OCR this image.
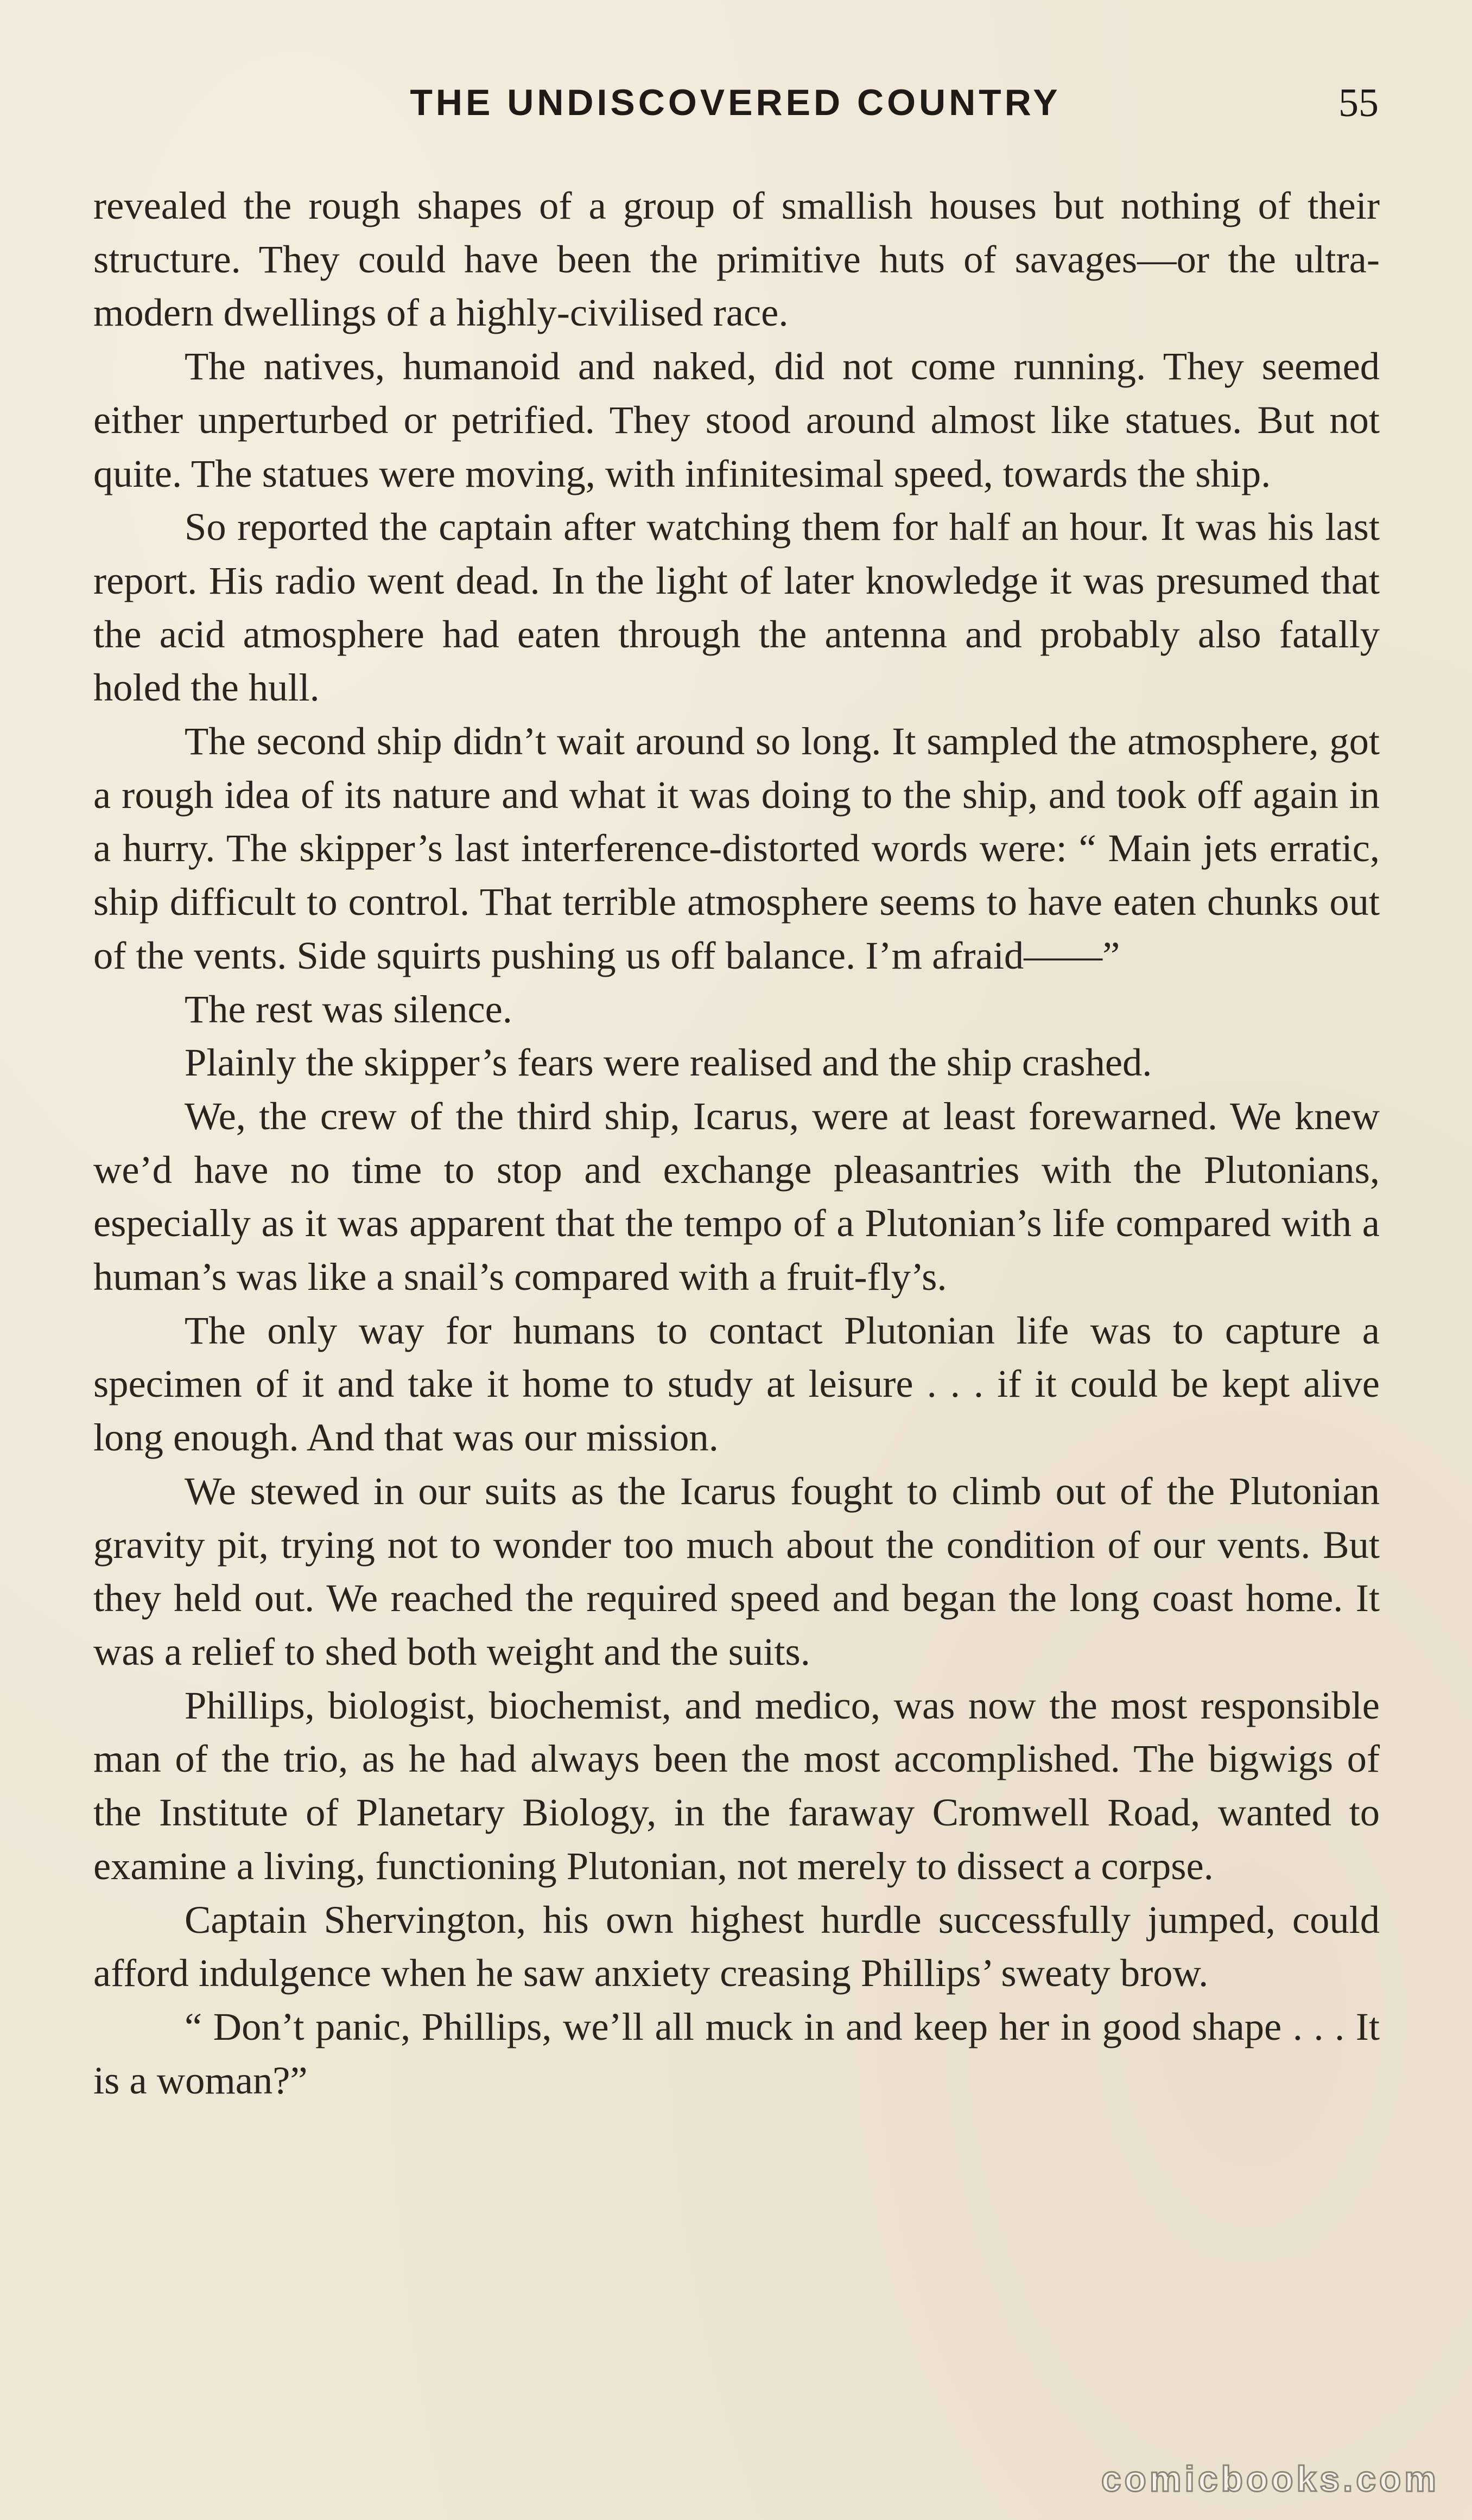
THE UNDISCOVERED COUNTRY	55

revealed the rough shapes of a group of smallish houses but nothing of their structure. They could have been the primitive huts of savages—or the ultra-modern dwellings of a highly-civilised race.

The natives, humanoid and naked, did not come running. They seemed either unperturbed or petrified. They stood around almost like statues. But not quite. The statues were moving, with infinitesimal speed, towards the ship.

So reported the captain after watching them for half an hour. It was his last report. His radio went dead. In the light of later knowledge it was presumed that the acid atmosphere had eaten through the antenna and probably also fatally holed the hull.

The second ship didn’t wait around so long. It sampled the atmosphere, got a rough idea of its nature and what it was doing to the ship, and took off again in a hurry. The skipper’s last interference-distorted words were: “ Main jets erratic, ship difficult to control. That terrible atmosphere seems to have eaten chunks out of the vents. Side squirts pushing us off balance. I’m afraid——”

The rest was silence.

Plainly the skipper’s fears were realised and the ship crashed.

We, the crew of the third ship, Icarus, were at least forewarned. We knew we’d have no time to stop and exchange pleasantries with the Plutonians, especially as it was apparent that the tempo of a Plutonian’s life compared with a human’s was like a snail’s compared with a fruit-fly’s.

The only way for humans to contact Plutonian life was to capture a specimen of it and take it home to study at leisure . . . if it could be kept alive long enough. And that was our mission.

We stewed in our suits as the Icarus fought to climb out of the Plutonian gravity pit, trying not to wonder too much about the condition of our vents. But they held out. We reached the required speed and began the long coast home. It was a relief to shed both weight and the suits.

Phillips, biologist, biochemist, and medico, was now the most responsible man of the trio, as he had always been the most accomplished. The bigwigs of the Institute of Planetary Biology, in the faraway Cromwell Road, wanted to examine a living, functioning Plutonian, not merely to dissect a corpse.

Captain Shervington, his own highest hurdle successfully jumped, could afford indulgence when he saw anxiety creasing Phillips’ sweaty brow.

“ Don’t panic, Phillips, we’ll all muck in and keep her in good shape . . . It is a woman?”

comicbooks.com
